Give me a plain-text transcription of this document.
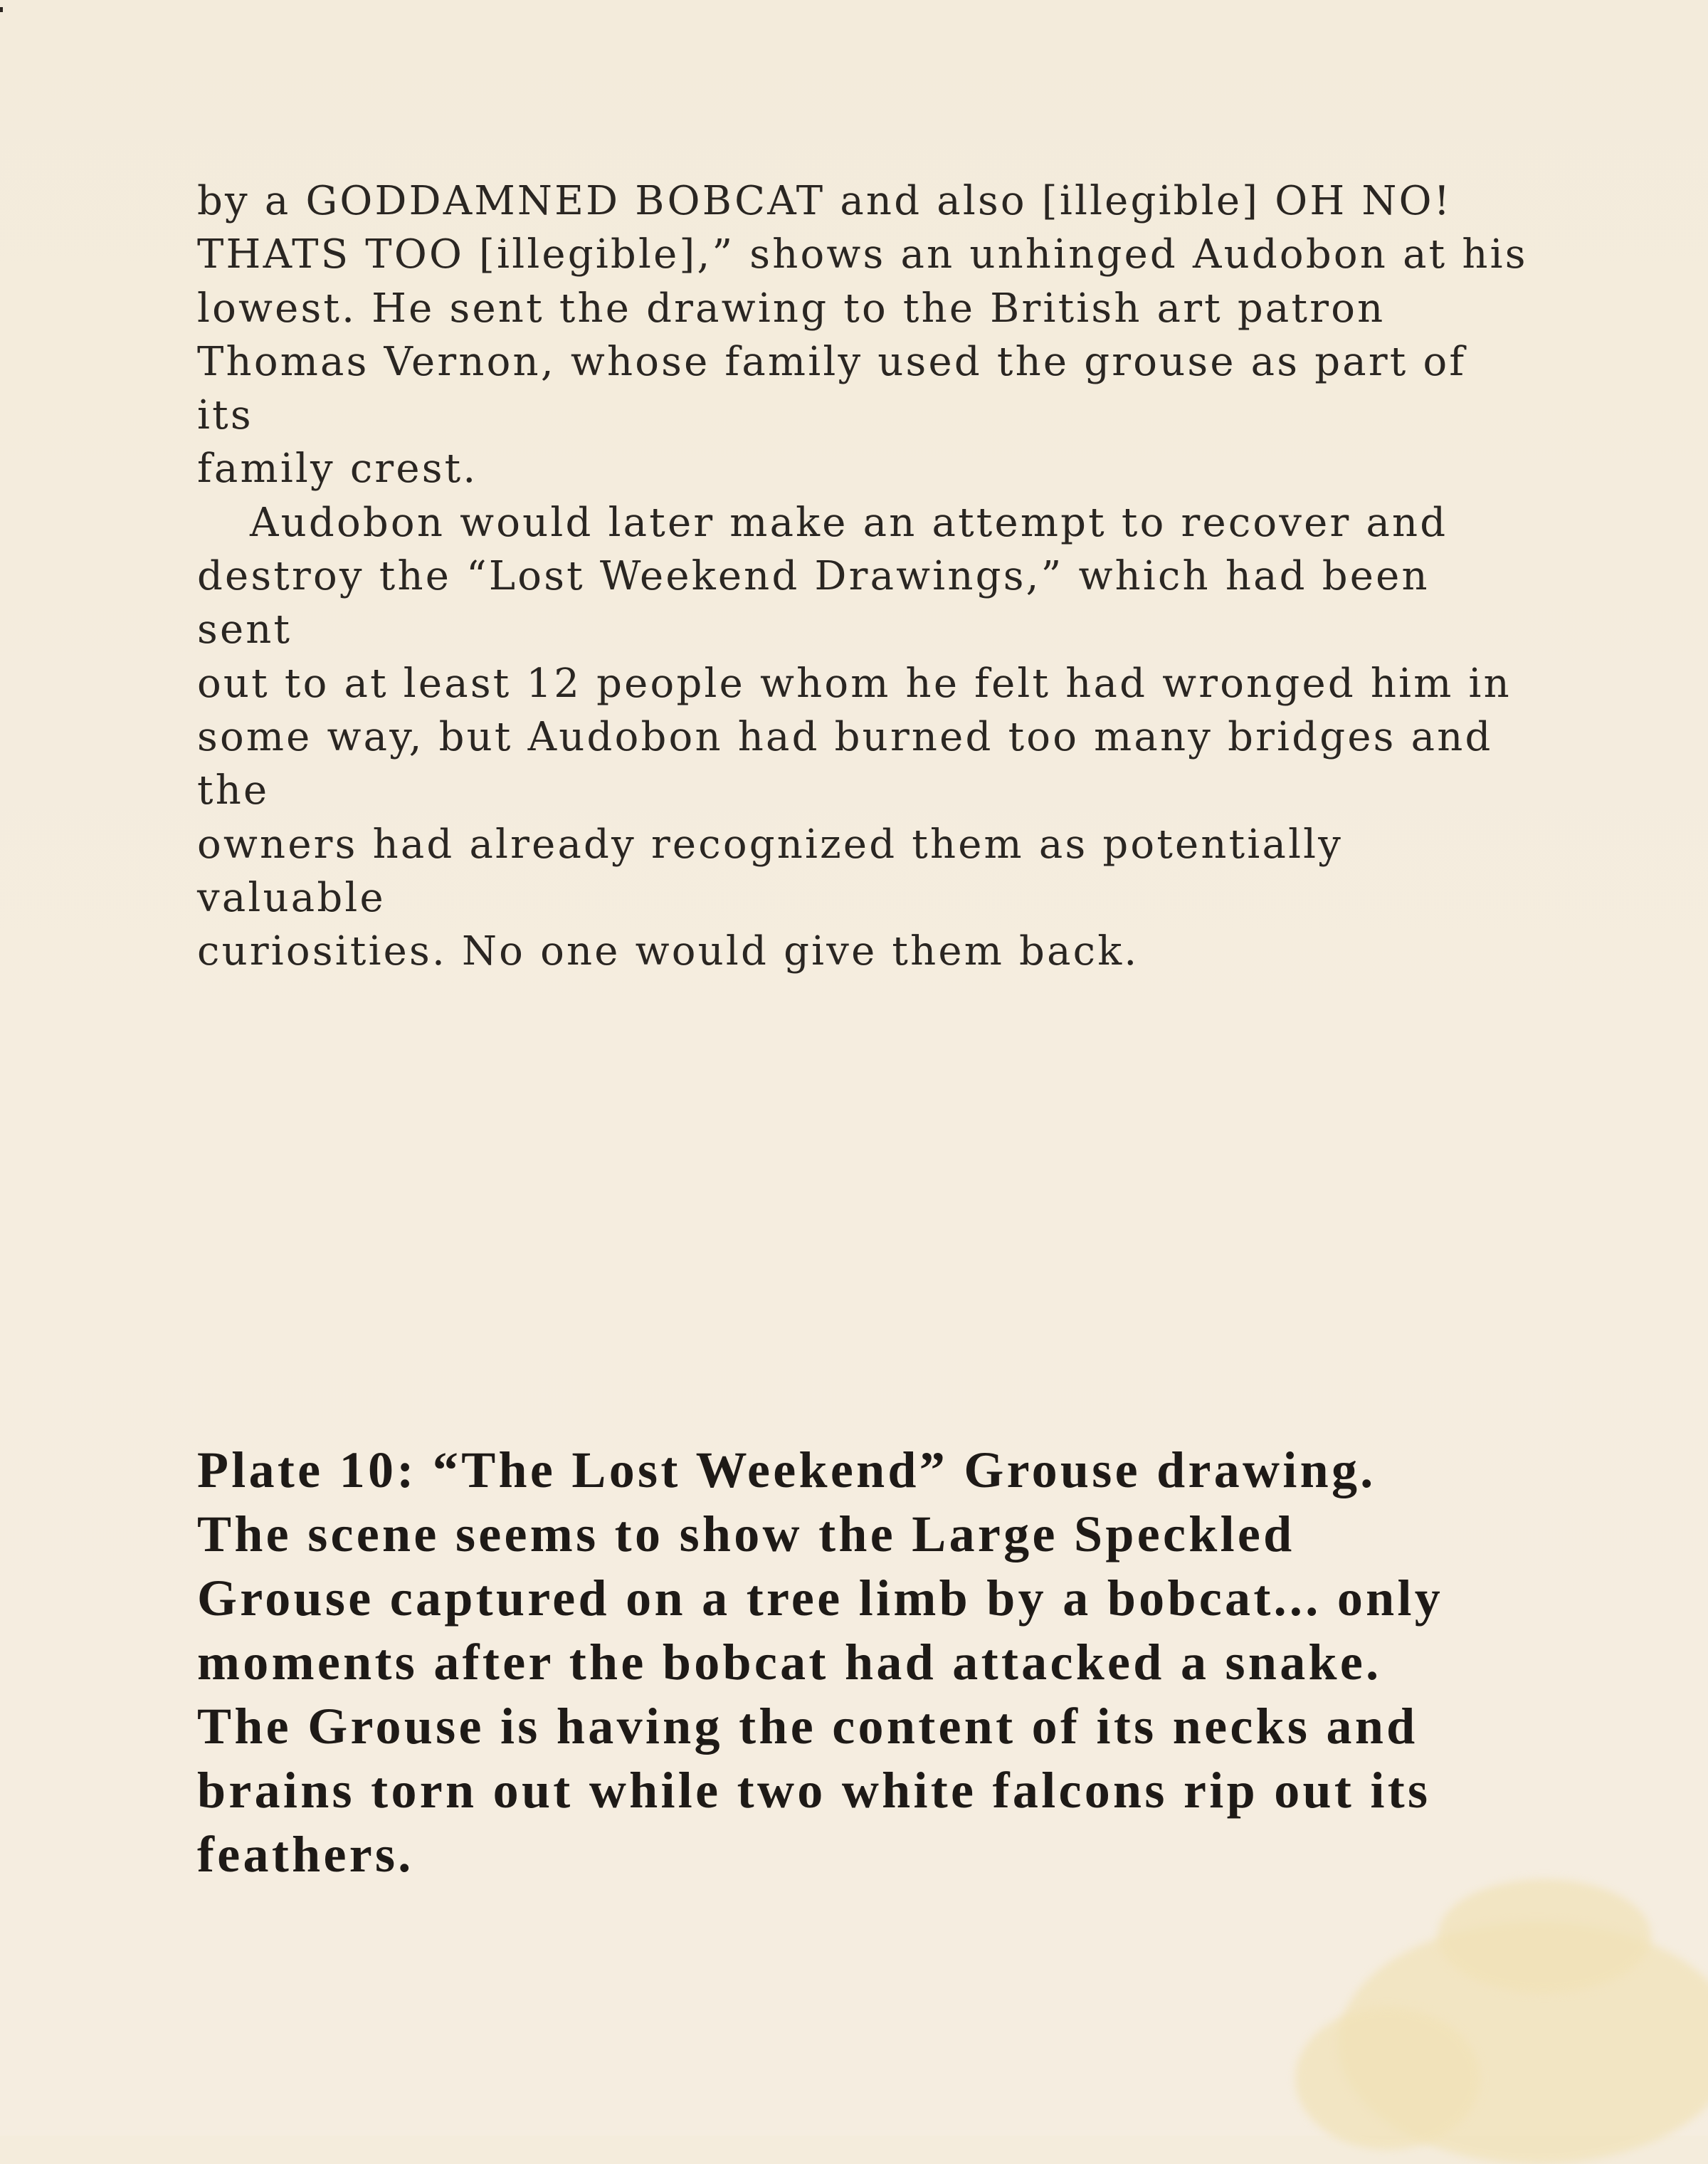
by a GODDAMNED BOBCAT and also [illegible] OH NO!
THATS TOO [illegible],” shows an unhinged Audobon at his
lowest. He sent the drawing to the British art patron
Thomas Vernon, whose family used the grouse as part of its
family crest.

Audobon would later make an attempt to recover and
destroy the “Lost Weekend Drawings,” which had been sent
out to at least 12 people whom he felt had wronged him in
some way, but Audobon had burned too many bridges and the
owners had already recognized them as potentially valuable
curiosities. No one would give them back.

Plate 10: “The Lost Weekend” Grouse drawing.
The scene seems to show the Large Speckled
Grouse captured on a tree limb by a bobcat... only
moments after the bobcat had attacked a snake.
The Grouse is having the content of its necks and
brains torn out while two white falcons rip out its
feathers.
